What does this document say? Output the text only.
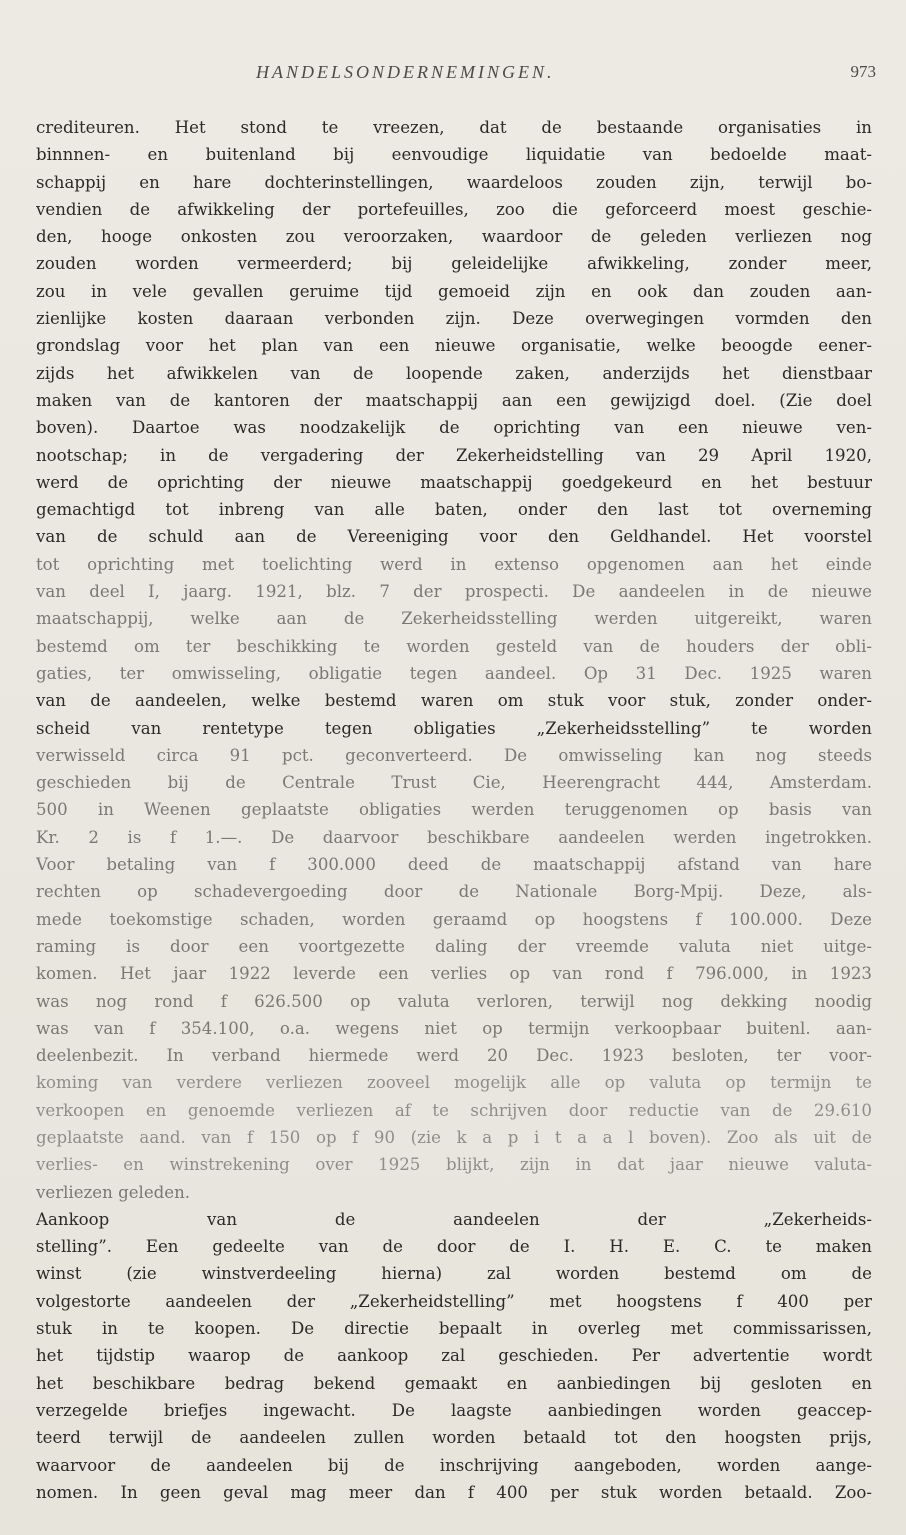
HANDELSONDERNEMINGEN.	973
crediteuren. Het stond te vreezen, dat de bestaande organisaties in
binnnen- en buitenland bij eenvoudige liquidatie van bedoelde maat-
schappij en hare dochterinstellingen, waardeloos zouden zijn, terwijl bo-
vendien de afwikkeling der portefeuilles, zoo die geforceerd moest geschie-
den, hooge onkosten zou veroorzaken, waardoor de geleden verliezen nog
zouden worden vermeerderd; bij geleidelijke afwikkeling, zonder meer,
zou in vele gevallen geruime tijd gemoeid zijn en ook dan zouden aan-
zienlijke kosten daaraan verbonden zijn. Deze overwegingen vormden den
grondslag voor het plan van een nieuwe organisatie, welke beoogde eener-
zijds het afwikkelen van de loopende zaken, anderzijds het dienstbaar
maken van de kantoren der maatschappij aan een gewijzigd doel. (Zie doel
boven). Daartoe was noodzakelijk de oprichting van een nieuwe ven-
nootschap; in de vergadering der Zekerheidstelling van 29 April 1920,
werd de oprichting der nieuwe maatschappij goedgekeurd en het bestuur
gemachtigd tot inbreng van alle baten, onder den last tot overneming
van de schuld aan de Vereeniging voor den Geldhandel. Het voorstel
tot oprichting met toelichting werd in extenso opgenomen aan het einde
van deel I, jaarg. 1921, blz. 7 der prospecti. De aandeelen in de nieuwe
maatschappij, welke aan de Zekerheidsstelling werden uitgereikt, waren
bestemd om ter beschikking te worden gesteld van de houders der obli-
gaties, ter omwisseling, obligatie tegen aandeel. Op 31 Dec. 1925 waren
van de aandeelen, welke bestemd waren om stuk voor stuk, zonder onder-
scheid van rentetype tegen obligaties „Zekerheidsstelling” te worden
verwisseld circa 91 pct. geconverteerd. De omwisseling kan nog steeds
geschieden bij de Centrale Trust Cie, Heerengracht 444, Amsterdam.
500 in Weenen geplaatste obligaties werden teruggenomen op basis van
Kr. 2 is f 1.—. De daarvoor beschikbare aandeelen werden ingetrokken.
Voor betaling van f 300.000 deed de maatschappij afstand van hare
rechten op schadevergoeding door de Nationale Borg-Mpij. Deze, als-
mede toekomstige schaden, worden geraamd op hoogstens f 100.000. Deze
raming is door een voortgezette daling der vreemde valuta niet uitge-
komen. Het jaar 1922 leverde een verlies op van rond f 796.000, in 1923
was nog rond f 626.500 op valuta verloren, terwijl nog dekking noodig
was van f 354.100, o.a. wegens niet op termijn verkoopbaar buitenl. aan-
deelenbezit. In verband hiermede werd 20 Dec. 1923 besloten, ter voor-
koming van verdere verliezen zooveel mogelijk alle op valuta op termijn te
verkoopen en genoemde verliezen af te schrijven door reductie van de 29.610
geplaatste aand. van f 150 op f 90 (zie k a p i t a a l boven). Zoo als uit de
verlies- en winstrekening over 1925 blijkt, zijn in dat jaar nieuwe valuta-
verliezen geleden.
Aankoop van de aandeelen der „Zekerheids-
stelling”. Een gedeelte van de door de I. H. E. C. te maken
winst (zie winstverdeeling hierna) zal worden bestemd om de
volgestorte aandeelen der „Zekerheidstelling” met hoogstens f 400 per
stuk in te koopen. De directie bepaalt in overleg met commissarissen,
het tijdstip waarop de aankoop zal geschieden. Per advertentie wordt
het beschikbare bedrag bekend gemaakt en aanbiedingen bij gesloten en
verzegelde briefjes ingewacht. De laagste aanbiedingen worden geaccep-
teerd terwijl de aandeelen zullen worden betaald tot den hoogsten prijs,
waarvoor de aandeelen bij de inschrijving aangeboden, worden aange-
nomen. In geen geval mag meer dan f 400 per stuk worden betaald. Zoo-
